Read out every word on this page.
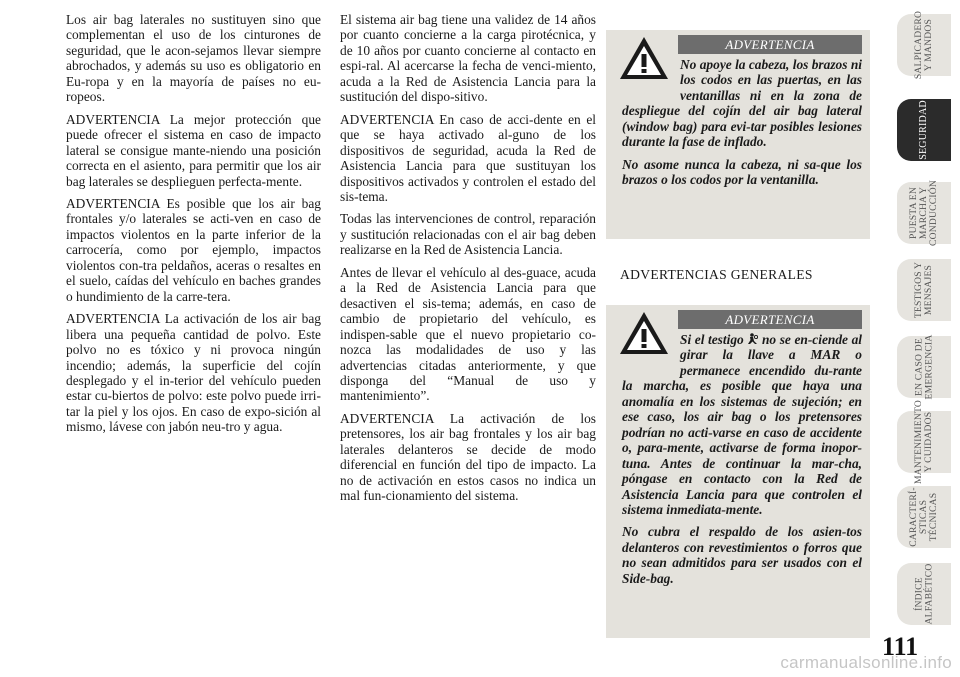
Los air bag laterales no sustituyen sino que complementan el uso de los cinturones de seguridad, que le acon-sejamos llevar siempre abrochados, y además su uso es obligatorio en Eu-ropa y en la mayoría de países no eu-ropeos.

ADVERTENCIA La mejor protección que puede ofrecer el sistema en caso de impacto lateral se consigue mante-niendo una posición correcta en el asiento, para permitir que los air bag laterales se desplieguen perfecta-mente.

ADVERTENCIA Es posible que los air bag frontales y/o laterales se acti-ven en caso de impactos violentos en la parte inferior de la carrocería, como por ejemplo, impactos violentos con-tra peldaños, aceras o resaltes en el suelo, caídas del vehículo en baches grandes o hundimiento de la carre-tera.

ADVERTENCIA La activación de los air bag libera una pequeña cantidad de polvo. Este polvo no es tóxico y ni provoca ningún incendio; además, la superficie del cojín desplegado y el in-terior del vehículo pueden estar cu-biertos de polvo: este polvo puede irri-tar la piel y los ojos. En caso de expo-sición al mismo, lávese con jabón neu-tro y agua.

El sistema air bag tiene una validez de 14 años por cuanto concierne a la carga pirotécnica, y de 10 años por cuanto concierne al contacto en espi-ral. Al acercarse la fecha de venci-miento, acuda a la Red de Asistencia Lancia para la sustitución del dispo-sitivo.

ADVERTENCIA En caso de acci-dente en el que se haya activado al-guno de los dispositivos de seguridad, acuda la Red de Asistencia Lancia para que sustituyan los dispositivos activados y controlen el estado del sis-tema.

Todas las intervenciones de control, reparación y sustitución relacionadas con el air bag deben realizarse en la Red de Asistencia Lancia.

Antes de llevar el vehículo al des-guace, acuda a la Red de Asistencia Lancia para que desactiven el sis-tema; además, en caso de cambio de propietario del vehículo, es indispen-sable que el nuevo propietario co-nozca las modalidades de uso y las advertencias citadas anteriormente, y que disponga del “Manual de uso y mantenimiento”.

ADVERTENCIA La activación de los pretensores, los air bag frontales y los air bag laterales delanteros se decide de modo diferencial en función del tipo de impacto. La no de activación en estos casos no indica un mal fun-cionamiento del sistema.

ADVERTENCIA

No apoye la cabeza, los brazos ni los codos en las puertas, en las ventanillas ni en la zona de despliegue del cojín del air bag lateral (window bag) para evi-tar posibles lesiones durante la fase de inflado.

No asome nunca la cabeza, ni sa-que los brazos o los codos por la ventanilla.

ADVERTENCIAS GENERALES
ADVERTENCIA

Si el testigo no se en-ciende al girar la llave a MAR o permanece encendido du-rante la marcha, es posible que haya una anomalía en los sistemas de sujeción; en ese caso, los air bag o los pretensores podrían no acti-varse en caso de accidente o, para-mente, activarse de forma inopor-tuna. Antes de continuar la mar-cha, póngase en contacto con la Red de Asistencia Lancia para que controlen el sistema inmediata-mente.

No cubra el respaldo de los asien-tos delanteros con revestimientos o forros que no sean admitidos para ser usados con el Side-bag.

SALPICADERO
Y MANDOS
SEGURIDAD
PUESTA EN
MARCHA Y
CONDUCCIÓN
TESTIGOS Y
MENSAJES
EN CASO DE
EMERGENCIA
MANTENIMIENTO
Y CUIDADOS
CARACTERÍ-
STICAS
TÉCNICAS
ÍNDICE
ALFABÉTICO
111
carmanualsonline.info
